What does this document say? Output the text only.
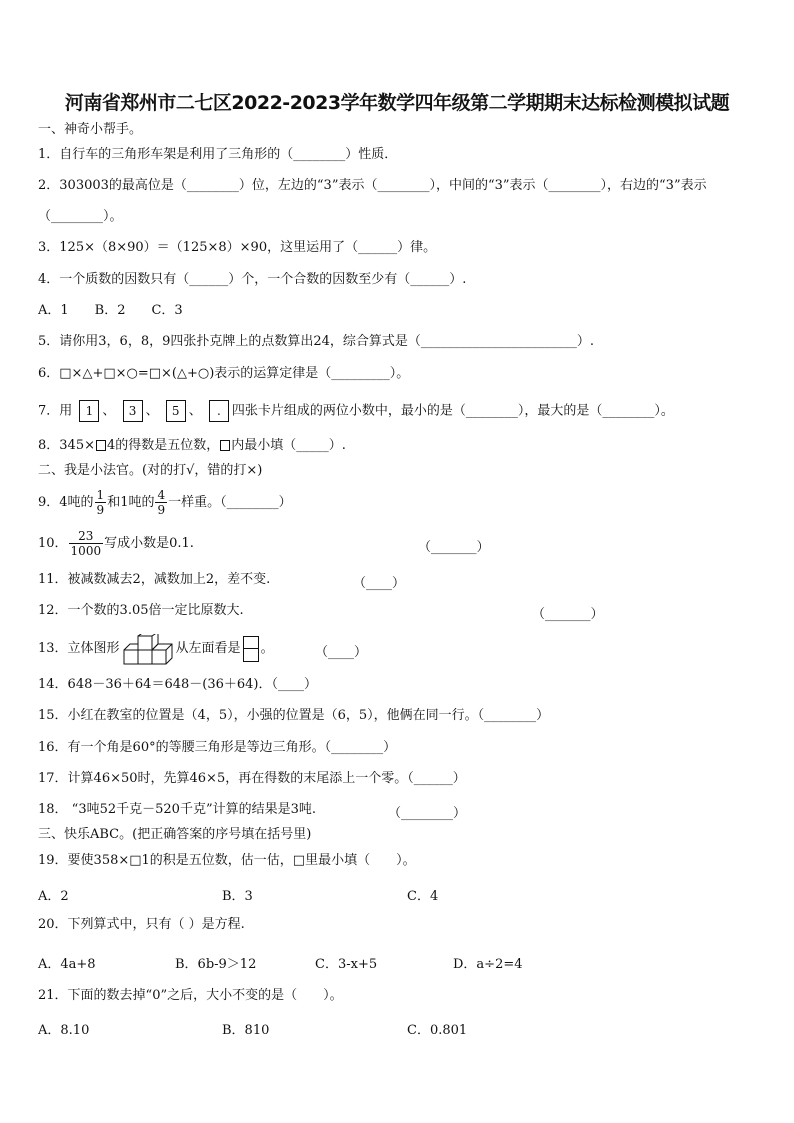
河南省郑州市二七区2022-2023学年数学四年级第二学期期末达标检测模拟试题
一、神奇小帮手。
1．自行车的三角形车架是利用了三角形的（________）性质．
2．303003的最高位是（________）位，左边的“3”表示（________），中间的“3”表示（________），右边的“3”表示
（________）。
3．125×（8×90）＝（125×8）×90，这里运用了（______）律。
4．一个质数的因数只有（______）个，一个合数的因数至少有（______）.
A．1　　B．2　　C．3
5．请你用3，6，8，9四张扑克牌上的点数算出24，综合算式是（________________________）.
6．□×△+□×○=□×(△+○)表示的运算定律是（_________）。
7．用 1 、 3 、 5 、 . 四张卡片组成的两位小数中，最小的是（________），最大的是（________）。
8．345× 4的得数是五位数， 内最小填（_____）.
二、我是小法官。(对的打√，错的打×)
9．4吨的 $\frac{1}{9}$ 和1吨的 $\frac{4}{9}$ 一样重。（________）
10． $\frac{23}{1000}$ 写成小数是0.1.	（_______）
11．被减数减去2，减数加上2，差不变.	（____）
12．一个数的3.05倍一定比原数大.	（_______）
13．立体图形	从左面看是 。	（____）
14．648－36＋64＝648－(36＋64)．（____）
15．小红在教室的位置是（4，5），小强的位置是（6，5），他俩在同一行。（________）
16．有一个角是60°的等腰三角形是等边三角形。（________）
17．计算46×50时，先算46×5，再在得数的末尾添上一个零。（______）
18． “3吨52千克－520千克”计算的结果是3吨.	（________）
三、快乐ABC。(把正确答案的序号填在括号里)
19．要使358×□1的积是五位数，估一估，□里最小填（　　）。
A．2	B．3	C．4
20．下列算式中，只有（ ）是方程.
A．4a+8	B．6b-9＞12	C．3-x+5	D．a÷2=4
21．下面的数去掉“0”之后，大小不变的是（　　）。
A．8.10	B．810	C．0.801
